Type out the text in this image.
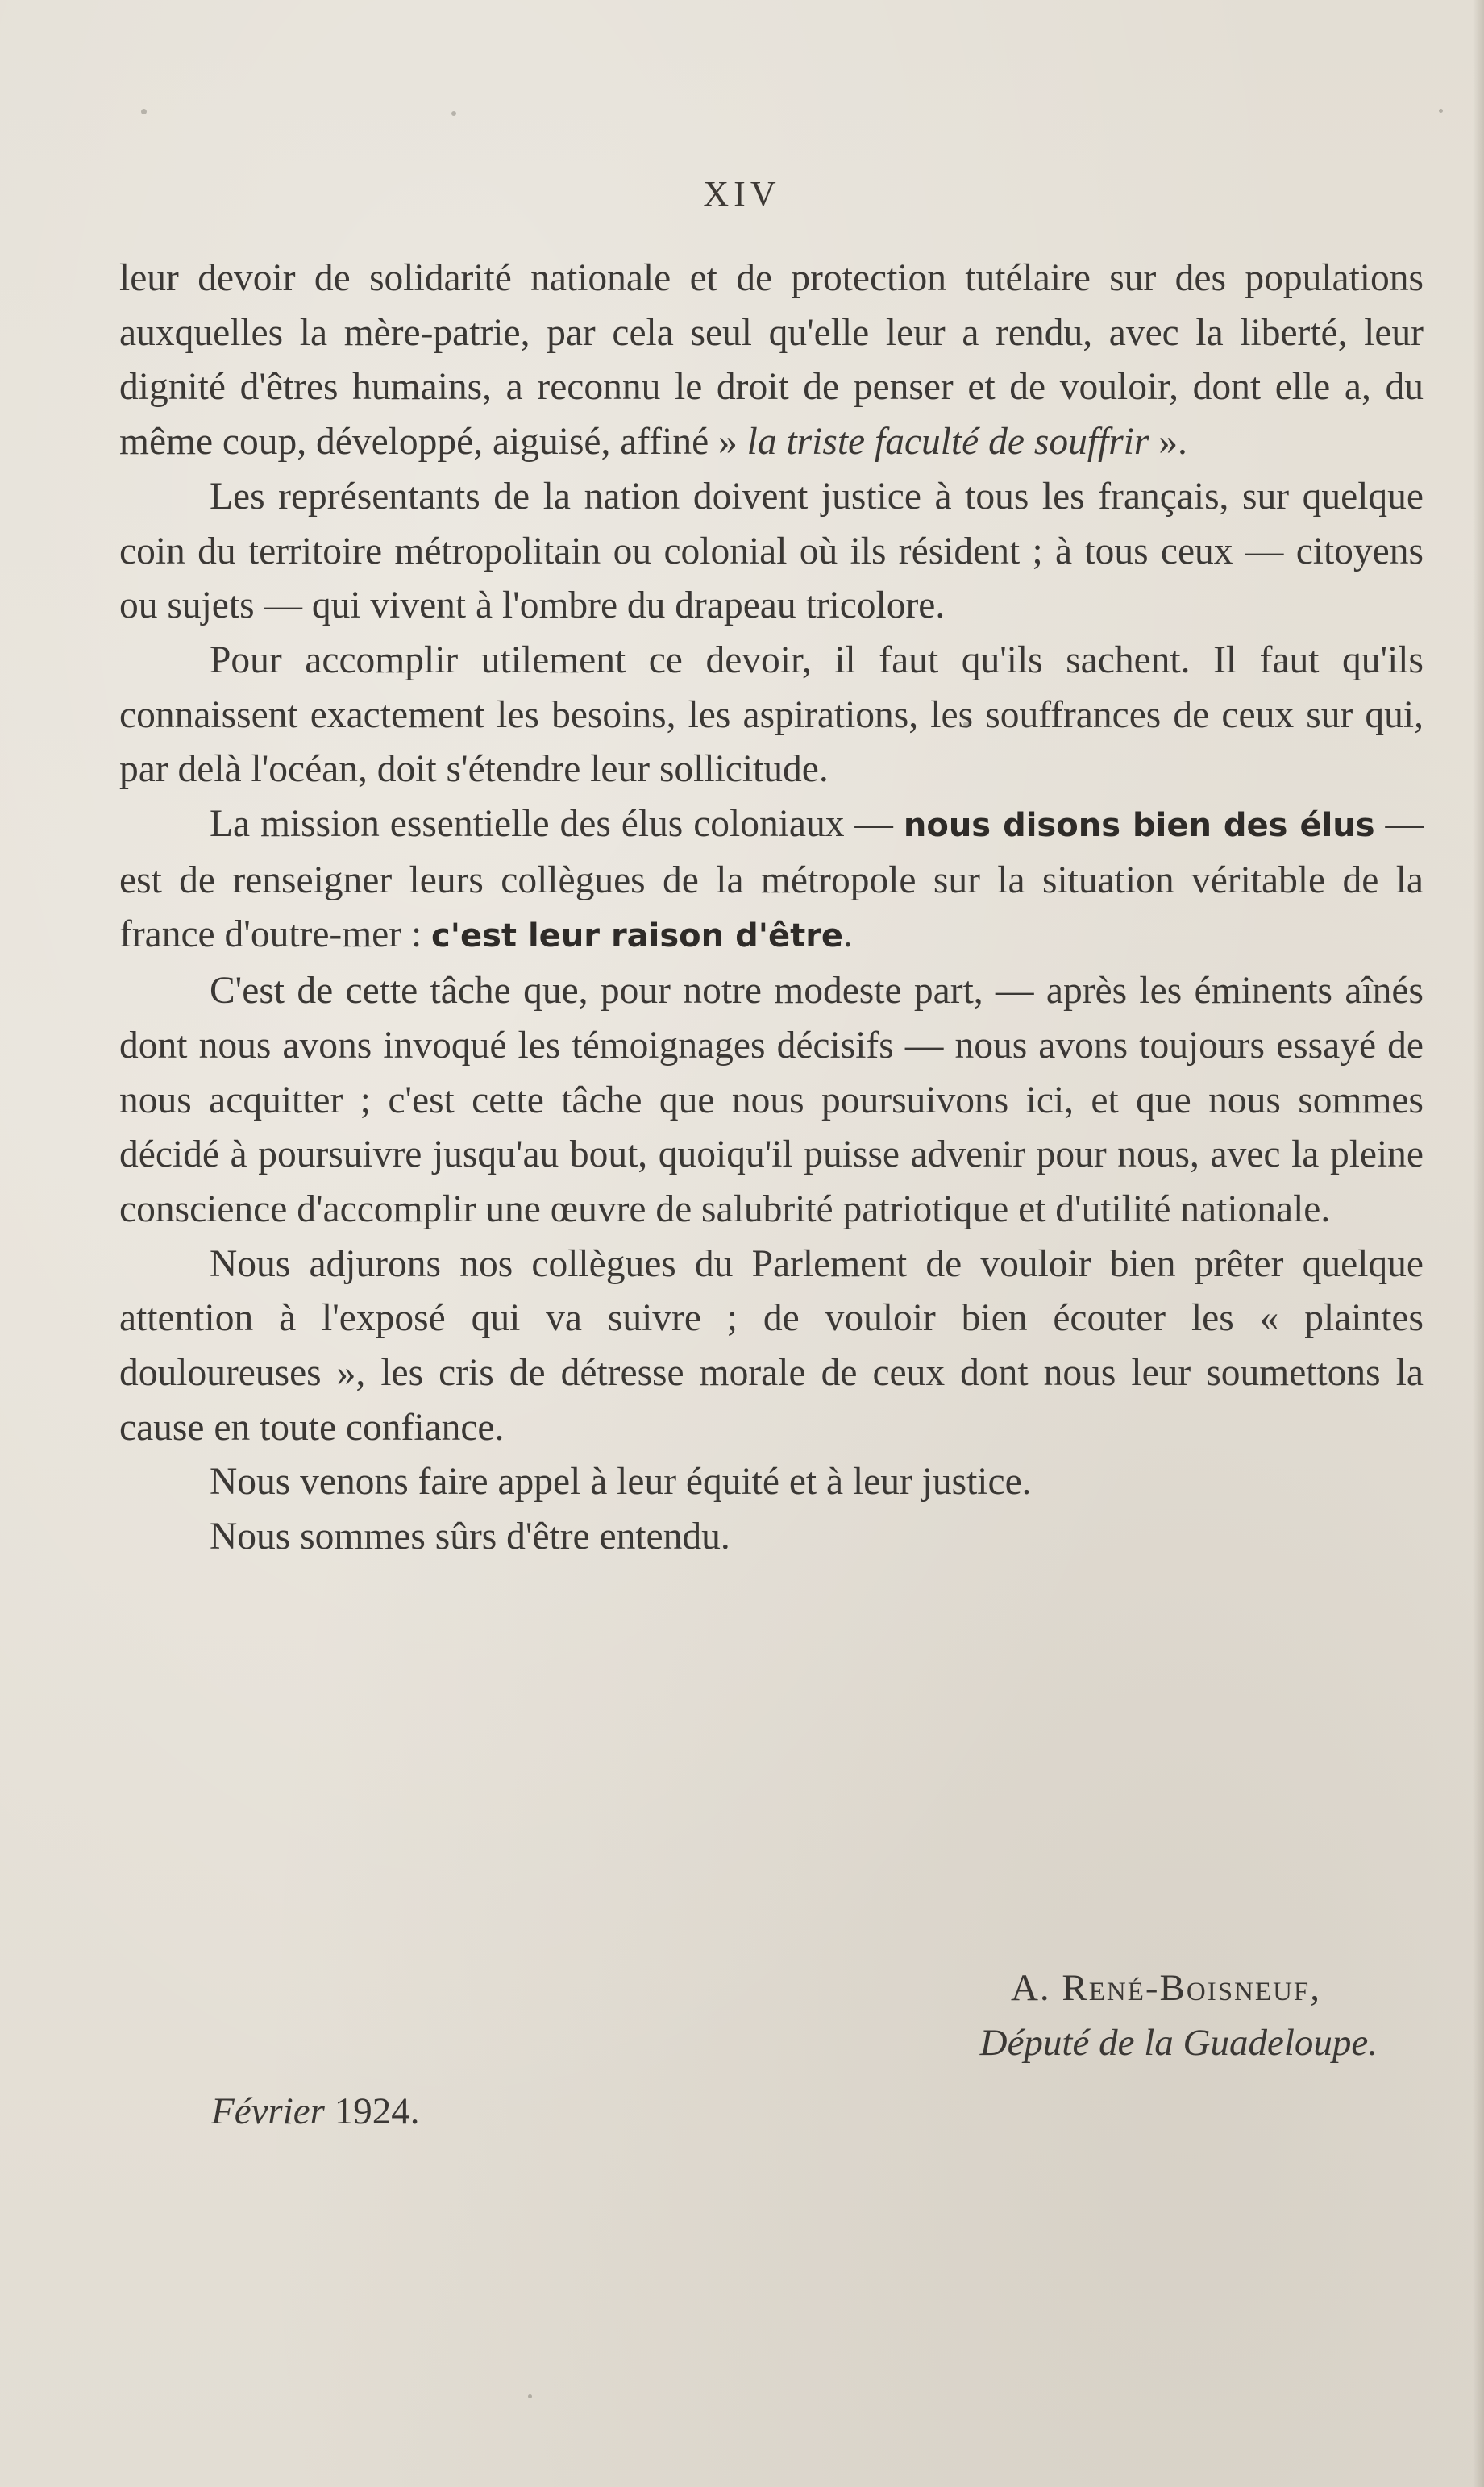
XIV

leur devoir de solidarité nationale et de protection tutélaire sur des populations auxquelles la mère-patrie, par cela seul qu'elle leur a rendu, avec la liberté, leur dignité d'êtres humains, a reconnu le droit de penser et de vouloir, dont elle a, du même coup, développé, aiguisé, affiné » la triste faculté de souffrir ».

Les représentants de la nation doivent justice à tous les français, sur quelque coin du territoire métropolitain ou colonial où ils résident ; à tous ceux — citoyens ou sujets — qui vivent à l'ombre du drapeau tricolore.

Pour accomplir utilement ce devoir, il faut qu'ils sachent. Il faut qu'ils connaissent exactement les besoins, les aspirations, les souffrances de ceux sur qui, par delà l'océan, doit s'étendre leur sollicitude.

La mission essentielle des élus coloniaux — nous disons bien des élus — est de renseigner leurs collègues de la métropole sur la situation véritable de la france d'outre-mer : c'est leur raison d'être.

C'est de cette tâche que, pour notre modeste part, — après les éminents aînés dont nous avons invoqué les témoignages décisifs — nous avons toujours essayé de nous acquitter ; c'est cette tâche que nous poursuivons ici, et que nous sommes décidé à poursuivre jusqu'au bout, quoiqu'il puisse advenir pour nous, avec la pleine conscience d'accomplir une œuvre de salubrité patriotique et d'utilité nationale.

Nous adjurons nos collègues du Parlement de vouloir bien prêter quelque attention à l'exposé qui va suivre ; de vouloir bien écouter les « plaintes douloureuses », les cris de détresse morale de ceux dont nous leur soumettons la cause en toute confiance.

Nous venons faire appel à leur équité et à leur justice.

Nous sommes sûrs d'être entendu.

A. René-Boisneuf,
Député de la Guadeloupe.
Février 1924.
